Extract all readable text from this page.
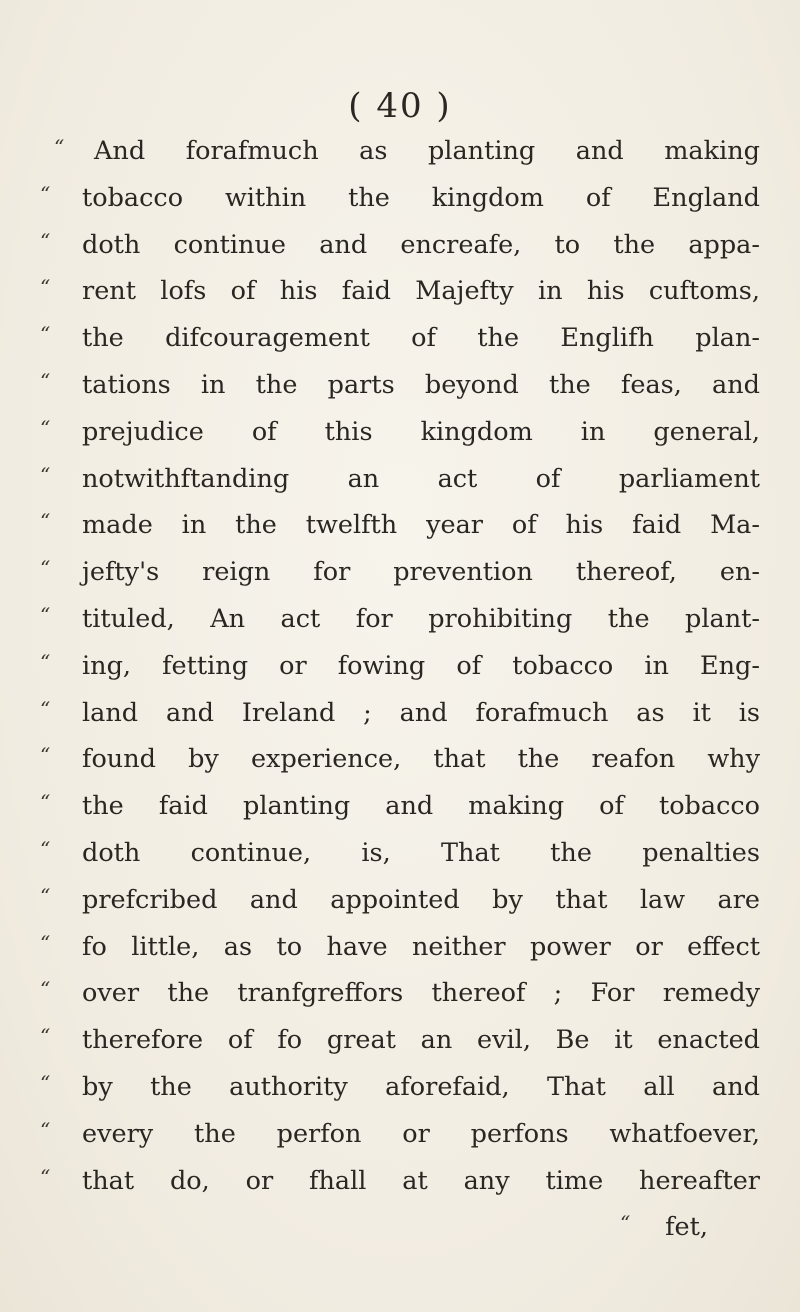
( 40 )
“	And forafmuch as planting and making
“	tobacco within the kingdom of England
“	doth continue and encreafe, to the appa-
“	rent lofs of his faid Majefty in his cuftoms,
“	the difcouragement of the Englifh plan-
“	tations in the parts beyond the feas, and
“	prejudice of this kingdom in general,
“	notwithftanding an act of parliament
“	made in the twelfth year of his faid Ma-
“	jefty's reign for prevention thereof, en-
“	tituled, An act for prohibiting the plant-
“	ing, fetting or fowing of tobacco in Eng-
“	land and Ireland ; and forafmuch as it is
“	found by experience, that the reafon why
“	the faid planting and making of tobacco
“	doth continue, is, That the penalties
“	prefcribed and appointed by that law are
“	fo little, as to have neither power or effect
“	over the tranfgreffors thereof ; For remedy
“	therefore of fo great an evil, Be it enacted
“	by the authority aforefaid, That all and
“	every the perfon or perfons whatfoever,
“	that do, or fhall at any time hereafter
“	fet,
